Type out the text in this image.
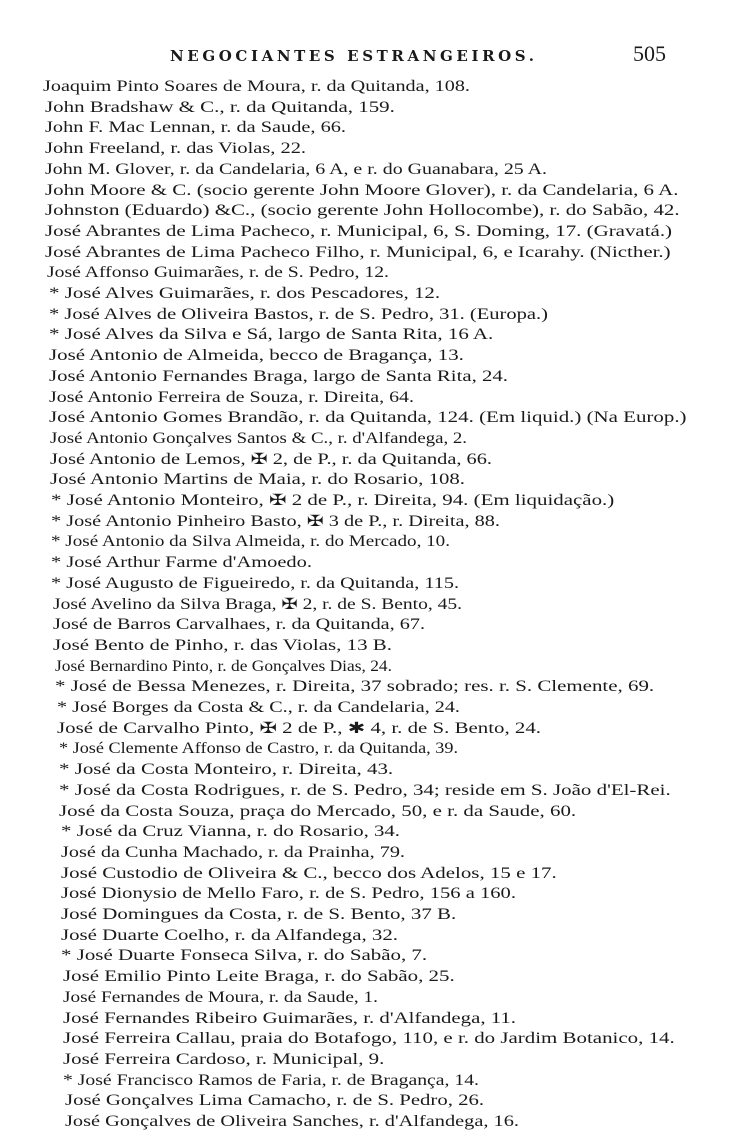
NEGOCIANTES ESTRANGEIROS.	505
Joaquim Pinto Soares de Moura, r. da Quitanda, 108.
John Bradshaw & C., r. da Quitanda, 159.
John F. Mac Lennan, r. da Saude, 66.
John Freeland, r. das Violas, 22.
John M. Glover, r. da Candelaria, 6 A, e r. do Guanabara, 25 A.
John Moore & C. (socio gerente John Moore Glover), r. da Candelaria, 6 A.
Johnston (Eduardo) &C., (socio gerente John Hollocombe), r. do Sabão, 42.
José Abrantes de Lima Pacheco, r. Municipal, 6, S. Doming, 17. (Gravatá.)
José Abrantes de Lima Pacheco Filho, r. Municipal, 6, e Icarahy. (Nicther.)
José Affonso Guimarães, r. de S. Pedro, 12.
* José Alves Guimarães, r. dos Pescadores, 12.
* José Alves de Oliveira Bastos, r. de S. Pedro, 31. (Europa.)
* José Alves da Silva e Sá, largo de Santa Rita, 16 A.
José Antonio de Almeida, becco de Bragança, 13.
José Antonio Fernandes Braga, largo de Santa Rita, 24.
José Antonio Ferreira de Souza, r. Direita, 64.
José Antonio Gomes Brandão, r. da Quitanda, 124. (Em liquid.) (Na Europ.)
José Antonio Gonçalves Santos & C., r. d'Alfandega, 2.
José Antonio de Lemos, ✠ 2, de P., r. da Quitanda, 66.
José Antonio Martins de Maia, r. do Rosario, 108.
* José Antonio Monteiro, ✠ 2 de P., r. Direita, 94. (Em liquidação.)
* José Antonio Pinheiro Basto, ✠ 3 de P., r. Direita, 88.
* José Antonio da Silva Almeida, r. do Mercado, 10.
* José Arthur Farme d'Amoedo.
* José Augusto de Figueiredo, r. da Quitanda, 115.
José Avelino da Silva Braga, ✠ 2, r. de S. Bento, 45.
José de Barros Carvalhaes, r. da Quitanda, 67.
José Bento de Pinho, r. das Violas, 13 B.
José Bernardino Pinto, r. de Gonçalves Dias, 24.
* José de Bessa Menezes, r. Direita, 37 sobrado; res. r. S. Clemente, 69.
* José Borges da Costa & C., r. da Candelaria, 24.
José de Carvalho Pinto, ✠ 2 de P., ✱ 4, r. de S. Bento, 24.
* José Clemente Affonso de Castro, r. da Quitanda, 39.
* José da Costa Monteiro, r. Direita, 43.
* José da Costa Rodrigues, r. de S. Pedro, 34; reside em S. João d'El-Rei.
José da Costa Souza, praça do Mercado, 50, e r. da Saude, 60.
* José da Cruz Vianna, r. do Rosario, 34.
José da Cunha Machado, r. da Prainha, 79.
José Custodio de Oliveira & C., becco dos Adelos, 15 e 17.
José Dionysio de Mello Faro, r. de S. Pedro, 156 a 160.
José Domingues da Costa, r. de S. Bento, 37 B.
José Duarte Coelho, r. da Alfandega, 32.
* José Duarte Fonseca Silva, r. do Sabão, 7.
José Emilio Pinto Leite Braga, r. do Sabão, 25.
José Fernandes de Moura, r. da Saude, 1.
José Fernandes Ribeiro Guimarães, r. d'Alfandega, 11.
José Ferreira Callau, praia do Botafogo, 110, e r. do Jardim Botanico, 14.
José Ferreira Cardoso, r. Municipal, 9.
* José Francisco Ramos de Faria, r. de Bragança, 14.
José Gonçalves Lima Camacho, r. de S. Pedro, 26.
José Gonçalves de Oliveira Sanches, r. d'Alfandega, 16.
